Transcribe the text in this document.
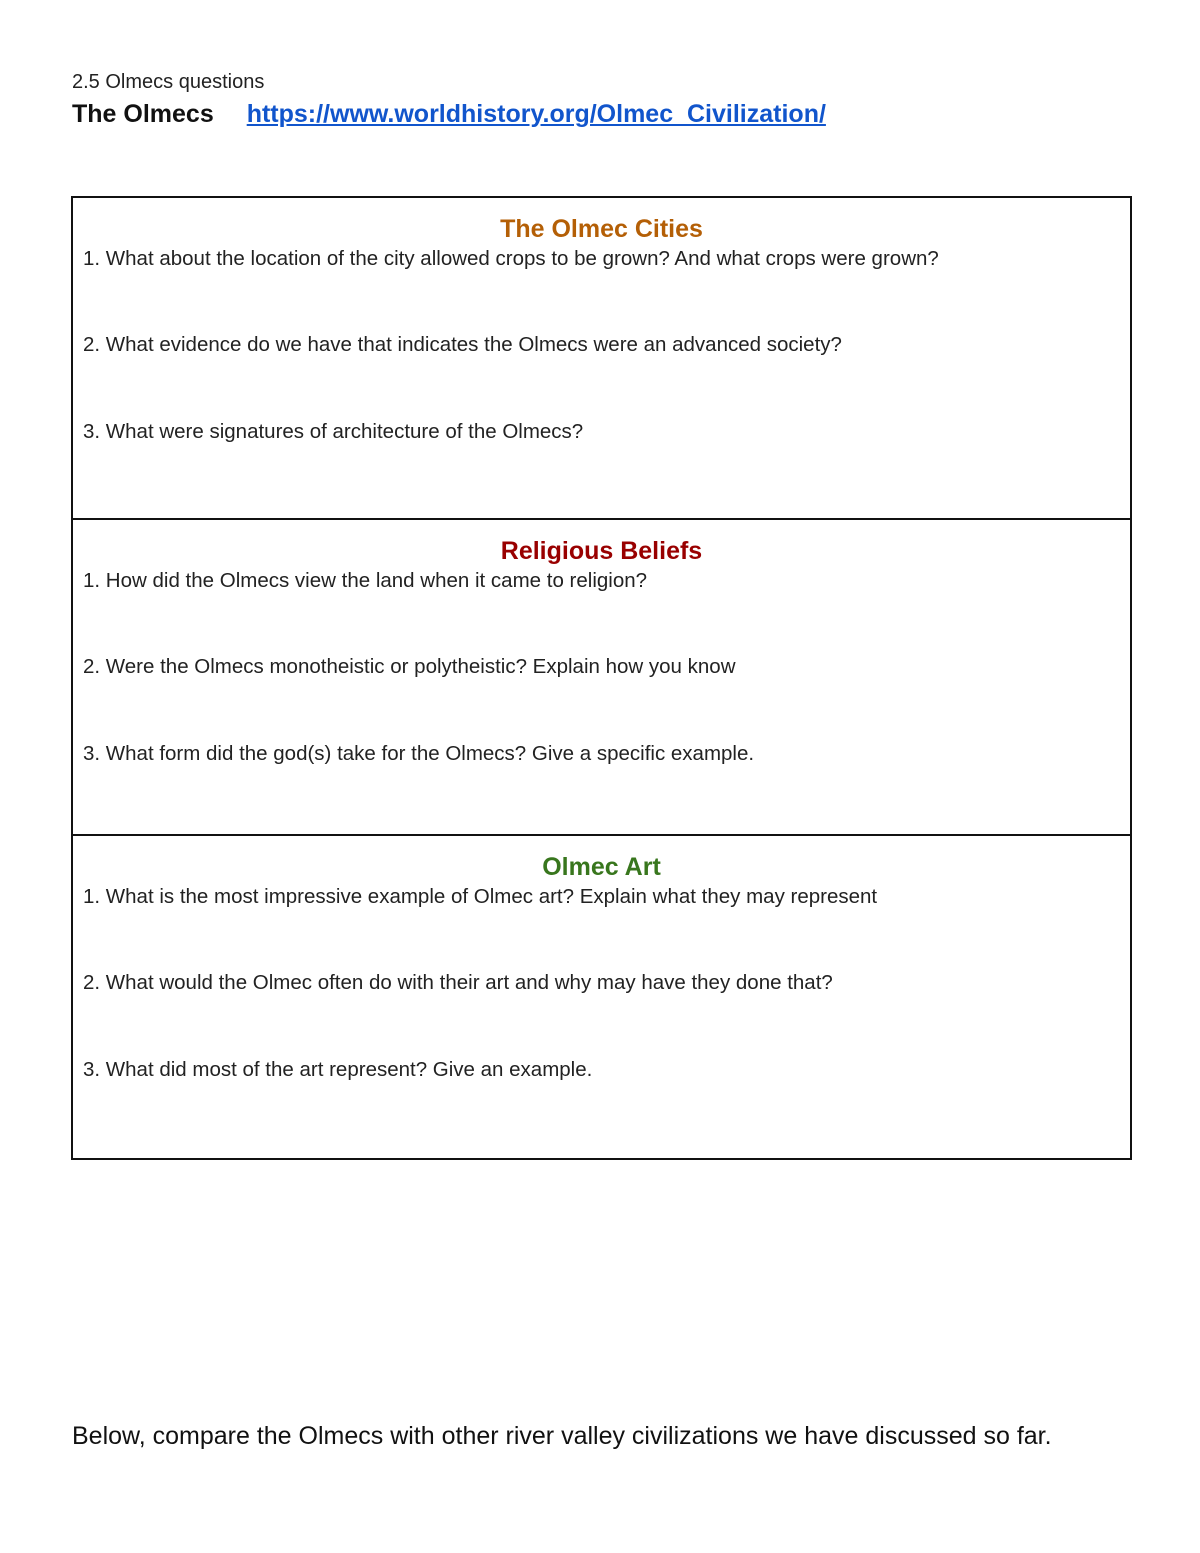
2.5 Olmecs questions
The Olmecs https://www.worldhistory.org/Olmec_Civilization/
The Olmec Cities
1. What about the location of the city allowed crops to be grown? And what crops were grown?
2. What evidence do we have that indicates the Olmecs were an advanced society?
3. What were signatures of architecture of the Olmecs?
Religious Beliefs
1. How did the Olmecs view the land when it came to religion?
2. Were the Olmecs monotheistic or polytheistic? Explain how you know
3. What form did the god(s) take for the Olmecs? Give a specific example.
Olmec Art
1. What is the most impressive example of Olmec art? Explain what they may represent
2. What would the Olmec often do with their art and why may have they done that?
3. What did most of the art represent? Give an example.
Below, compare the Olmecs with other river valley civilizations we have discussed so far.
